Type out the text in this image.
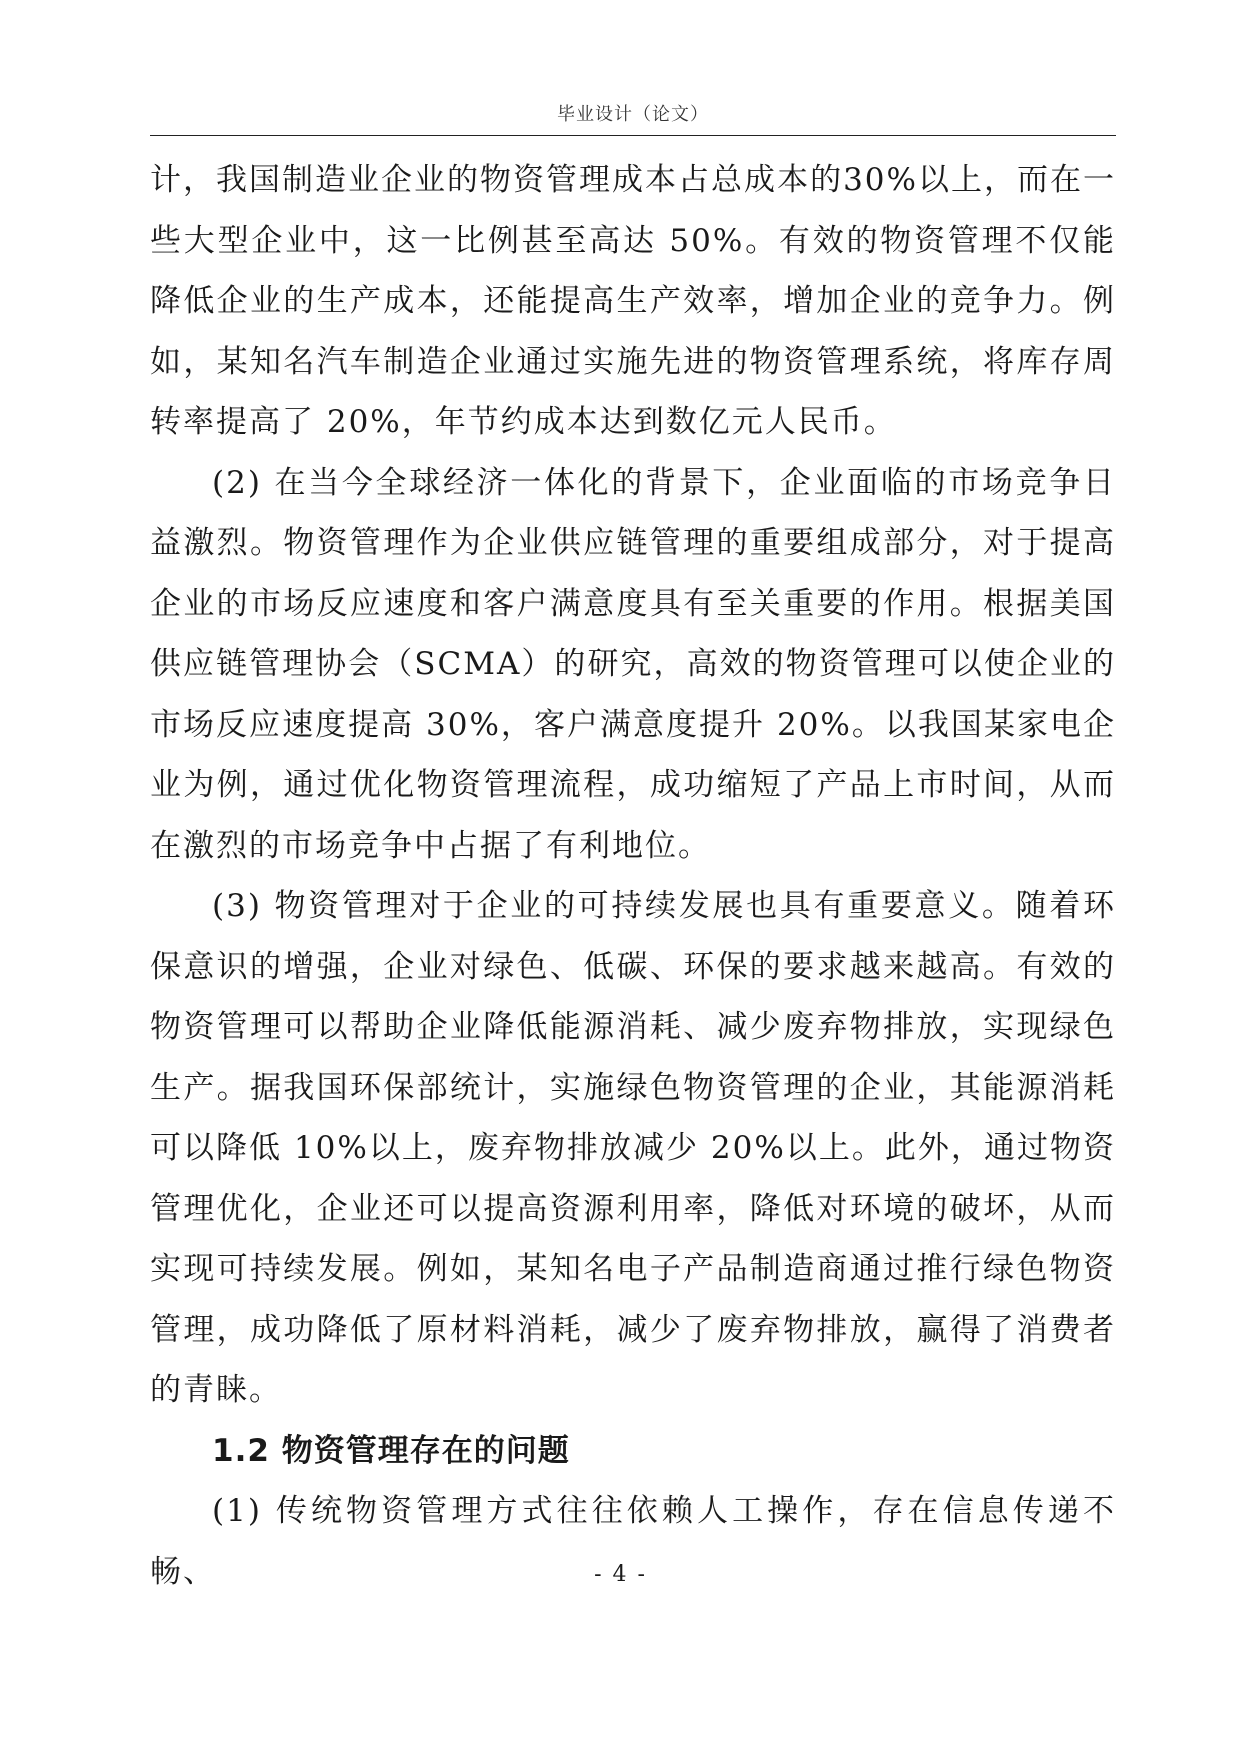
毕业设计（论文）

计，我国制造业企业的物资管理成本占总成本的30%以上，而在一些大型企业中，这一比例甚至高达 50%。有效的物资管理不仅能降低企业的生产成本，还能提高生产效率，增加企业的竞争力。例如，某知名汽车制造企业通过实施先进的物资管理系统，将库存周转率提高了 20%，年节约成本达到数亿元人民币。

(2) 在当今全球经济一体化的背景下，企业面临的市场竞争日益激烈。物资管理作为企业供应链管理的重要组成部分，对于提高企业的市场反应速度和客户满意度具有至关重要的作用。根据美国供应链管理协会（SCMA）的研究，高效的物资管理可以使企业的市场反应速度提高 30%，客户满意度提升 20%。以我国某家电企业为例，通过优化物资管理流程，成功缩短了产品上市时间，从而在激烈的市场竞争中占据了有利地位。

(3) 物资管理对于企业的可持续发展也具有重要意义。随着环保意识的增强，企业对绿色、低碳、环保的要求越来越高。有效的物资管理可以帮助企业降低能源消耗、减少废弃物排放，实现绿色生产。据我国环保部统计，实施绿色物资管理的企业，其能源消耗可以降低 10%以上，废弃物排放减少 20%以上。此外，通过物资管理优化，企业还可以提高资源利用率，降低对环境的破坏，从而实现可持续发展。例如，某知名电子产品制造商通过推行绿色物资管理，成功降低了原材料消耗，减少了废弃物排放，赢得了消费者的青睐。

1.2 物资管理存在的问题

(1) 传统物资管理方式往往依赖人工操作，存在信息传递不畅、	- 4 -
